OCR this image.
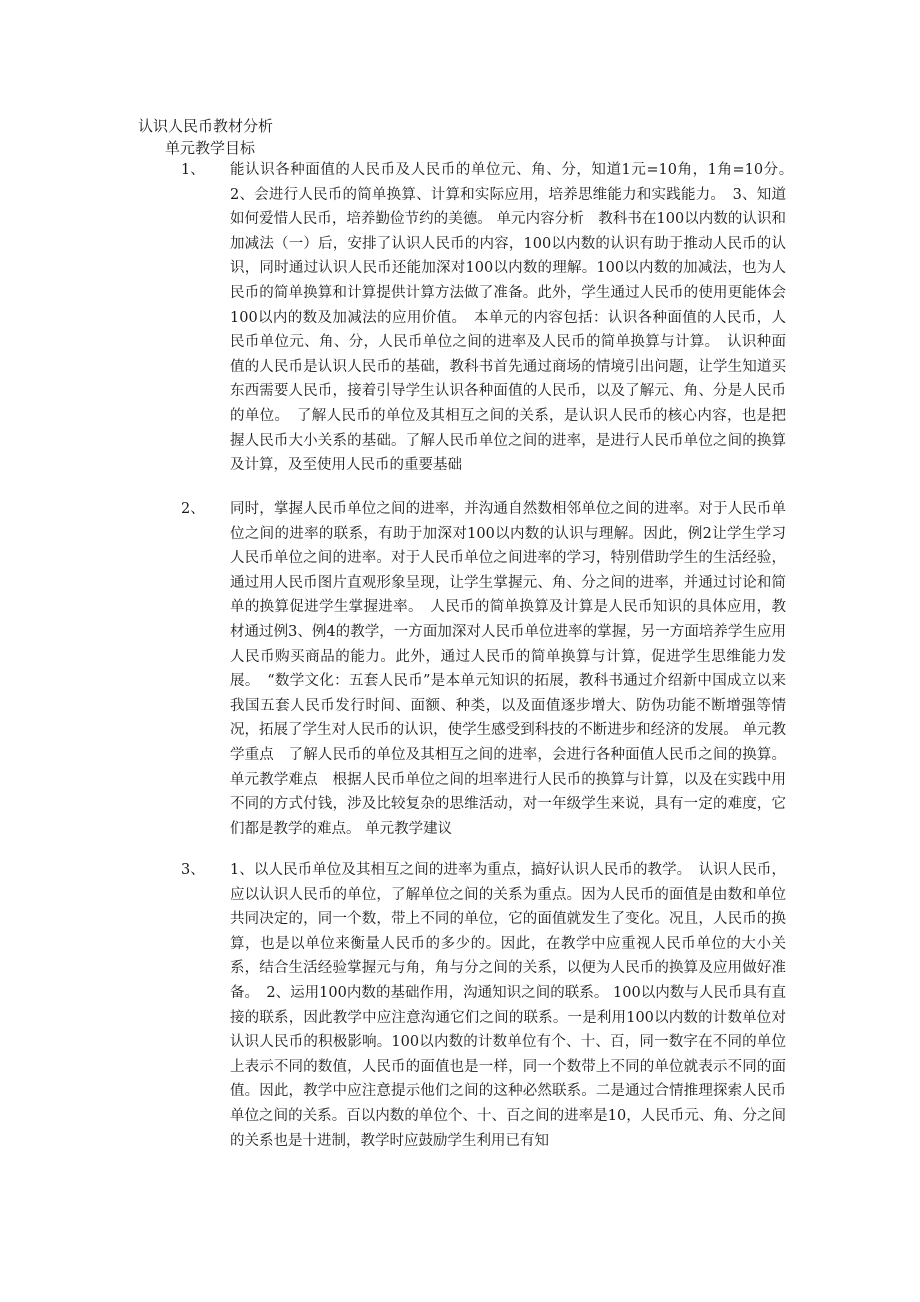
认识人民币教材分析
单元教学目标
1、 能认识各种面值的人民币及人民币的单位元、角、分，知道1元=10角，1角=10分。　2、会进行人民币的简单换算、计算和实际应用，培养思维能力和实践能力。　3、知道如何爱惜人民币，培养勤俭节约的美德。 单元内容分析　教科书在100以内数的认识和加减法（一）后，安排了认识人民币的内容，100以内数的认识有助于推动人民币的认识，同时通过认识人民币还能加深对100以内数的理解。100以内数的加减法，也为人民币的简单换算和计算提供计算方法做了准备。此外，学生通过人民币的使用更能体会100以内的数及加减法的应用价值。　本单元的内容包括：认识各种面值的人民币，人民币单位元、角、分，人民币单位之间的进率及人民币的简单换算与计算。　认识种面值的人民币是认识人民币的基础，教科书首先通过商场的情境引出问题，让学生知道买东西需要人民币，接着引导学生认识各种面值的人民币，以及了解元、角、分是人民币的单位。　了解人民币的单位及其相互之间的关系，是认识人民币的核心内容，也是把握人民币大小关系的基础。了解人民币单位之间的进率，是进行人民币单位之间的换算及计算，及至使用人民币的重要基础

2、 同时，掌握人民币单位之间的进率，并沟通自然数相邻单位之间的进率。对于人民币单位之间的进率的联系，有助于加深对100以内数的认识与理解。因此，例2让学生学习人民币单位之间的进率。对于人民币单位之间进率的学习，特别借助学生的生活经验，通过用人民币图片直观形象呈现，让学生掌握元、角、分之间的进率，并通过讨论和简单的换算促进学生掌握进率。　人民币的简单换算及计算是人民币知识的具体应用，教材通过例3、例4的教学，一方面加深对人民币单位进率的掌握，另一方面培养学生应用人民币购买商品的能力。此外，通过人民币的简单换算与计算，促进学生思维能力发展。　“数学文化：五套人民币”是本单元知识的拓展，教科书通过介绍新中国成立以来我国五套人民币发行时间、面额、种类，以及面值逐步增大、防伪功能不断增强等情况，拓展了学生对人民币的认识，使学生感受到科技的不断进步和经济的发展。 单元教学重点　了解人民币的单位及其相互之间的进率，会进行各种面值人民币之间的换算。 单元教学难点　根据人民币单位之间的坦率进行人民币的换算与计算，以及在实践中用不同的方式付钱，涉及比较复杂的思维活动，对一年级学生来说，具有一定的难度，它们都是教学的难点。 单元教学建议

3、 1、以人民币单位及其相互之间的进率为重点，搞好认识人民币的教学。　认识人民币，应以认识人民币的单位，了解单位之间的关系为重点。因为人民币的面值是由数和单位共同决定的，同一个数，带上不同的单位，它的面值就发生了变化。况且，人民币的换算，也是以单位来衡量人民币的多少的。因此，在教学中应重视人民币单位的大小关系，结合生活经验掌握元与角，角与分之间的关系，以便为人民币的换算及应用做好准备。　2、运用100内数的基础作用，沟通知识之间的联系。 100以内数与人民币具有直接的联系，因此教学中应注意沟通它们之间的联系。一是利用100以内数的计数单位对认识人民币的积极影响。100以内数的计数单位有个、十、百，同一数字在不同的单位上表示不同的数值，人民币的面值也是一样，同一个数带上不同的单位就表示不同的面值。因此，教学中应注意提示他们之间的这种必然联系。二是通过合情推理探索人民币单位之间的关系。百以内数的单位个、十、百之间的进率是10，人民币元、角、分之间的关系也是十进制，教学时应鼓励学生利用已有知
